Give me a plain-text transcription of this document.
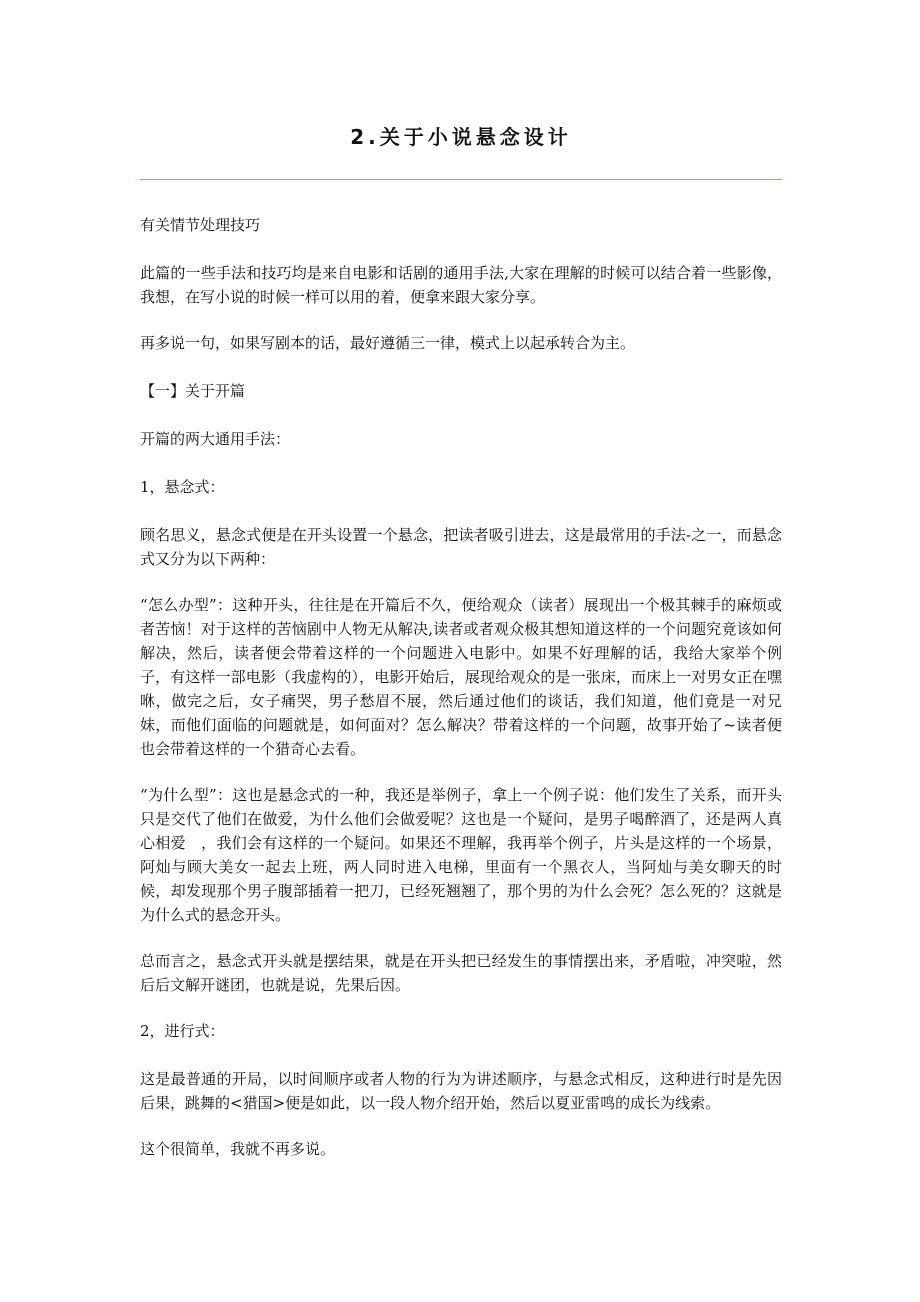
2.关于小说悬念设计

有关情节处理技巧

此篇的一些手法和技巧均是来自电影和话剧的通用手法,大家在理解的时候可以结合着一些影像，我想，在写小说的时候一样可以用的着，便拿来跟大家分享。

再多说一句，如果写剧本的话，最好遵循三一律，模式上以起承转合为主。

【一】关于开篇

开篇的两大通用手法：

1，悬念式：

顾名思义，悬念式便是在开头设置一个悬念，把读者吸引进去，这是最常用的手法-之一，而悬念式又分为以下两种：

“怎么办型”：这种开头，往往是在开篇后不久，便给观众（读者）展现出一个极其棘手的麻烦或者苦恼！对于这样的苦恼剧中人物无从解决,读者或者观众极其想知道这样的一个问题究竟该如何解决，然后，读者便会带着这样的一个问题进入电影中。如果不好理解的话，我给大家举个例子，有这样一部电影（我虚构的），电影开始后，展现给观众的是一张床，而床上一对男女正在嘿咻，做完之后，女子痛哭，男子愁眉不展，然后通过他们的谈话，我们知道，他们竟是一对兄妹，而他们面临的问题就是，如何面对？怎么解决？带着这样的一个问题，故事开始了~读者便也会带着这样的一个猎奇心去看。

“为什么型”：这也是悬念式的一种，我还是举例子，拿上一个例子说：他们发生了关系，而开头只是交代了他们在做爱，为什么他们会做爱呢？这也是一个疑问，是男子喝醉酒了，还是两人真心相爱　，我们会有这样的一个疑问。如果还不理解，我再举个例子，片头是这样的一个场景，阿灿与顾大美女一起去上班，两人同时进入电梯，里面有一个黑衣人，当阿灿与美女聊天的时候，却发现那个男子腹部插着一把刀，已经死翘翘了，那个男的为什么会死？怎么死的？这就是为什么式的悬念开头。

总而言之，悬念式开头就是摆结果，就是在开头把已经发生的事情摆出来，矛盾啦，冲突啦，然后后文解开谜团，也就是说，先果后因。

2，进行式：

这是最普通的开局，以时间顺序或者人物的行为为讲述顺序，与悬念式相反，这种进行时是先因后果，跳舞的<猎国>便是如此，以一段人物介绍开始，然后以夏亚雷鸣的成长为线索。

这个很简单，我就不再多说。
